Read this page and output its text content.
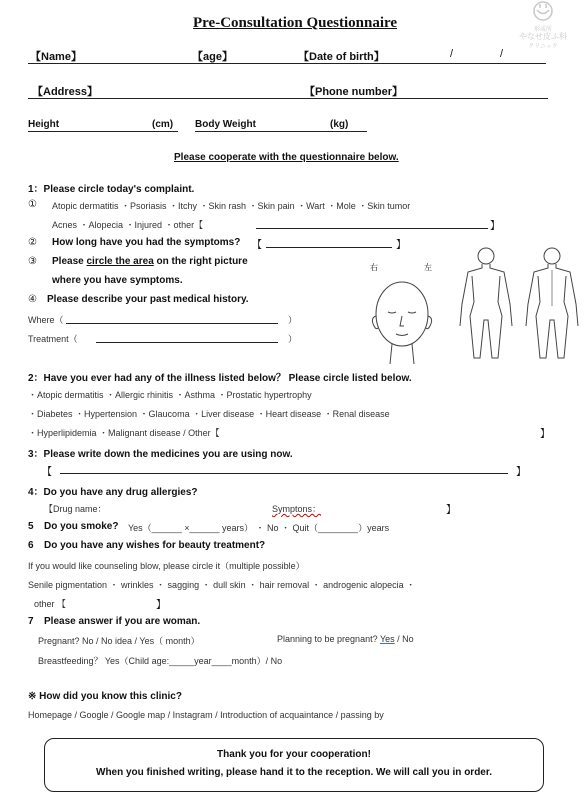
形成所
やなせ皮ふ科
クリニック
Pre-Consultation Questionnaire
【Name】	【age】	【Date of birth】	/	/
【Address】	【Phone number】
Height	(cm) Body Weight	(kg)
Please cooperate with the questionnaire below.
1：Please circle today's complaint.
① Atopic dermatitis ・Psoriasis ・Itchy ・Skin rash ・Skin pain ・Wart ・Mole ・Skin tumor
Acnes ・Alopecia ・Injured ・other【	】
② How long have you had the symptoms? 【	】
③ Please circle the area on the right picture
where you have symptoms.
④ Please describe your past medical history.
Where（	）
Treatment（	）
右	左
2：Have you ever had any of the illness listed below？ Please circle listed below.
・Atopic dermatitis ・Allergic rhinitis ・Asthma ・Prostatic hypertrophy
・Diabetes ・Hypertension ・Glaucoma ・Liver disease ・Heart disease ・Renal disease
・Hyperlipidemia ・Malignant disease / Other【	】
3：Please write down the medicines you are using now.
【	】
4：Do you have any drug allergies?
【Drug name：	Symptons：	】
5 Do you smoke? Yes（______ ×______ years） ・ No ・ Quit（________）years
6 Do you have any wishes for beauty treatment?
If you would like counseling blow, please circle it（multiple possible）
Senile pigmentation ・ wrinkles ・ sagging ・ dull skin ・ hair removal ・ androgenic alopecia ・
other 【	】
7 Please answer if you are woman.
Pregnant? No / No idea / Yes（ month）	Planning to be pregnant? Yes / No
Breastfeeding？ Yes（Child age:_____year____month）/ No
※ How did you know this clinic?
Homepage / Google / Google map / Instagram / Introduction of acquaintance / passing by
Thank you for your cooperation!
When you finished writing, please hand it to the reception. We will call you in order.
